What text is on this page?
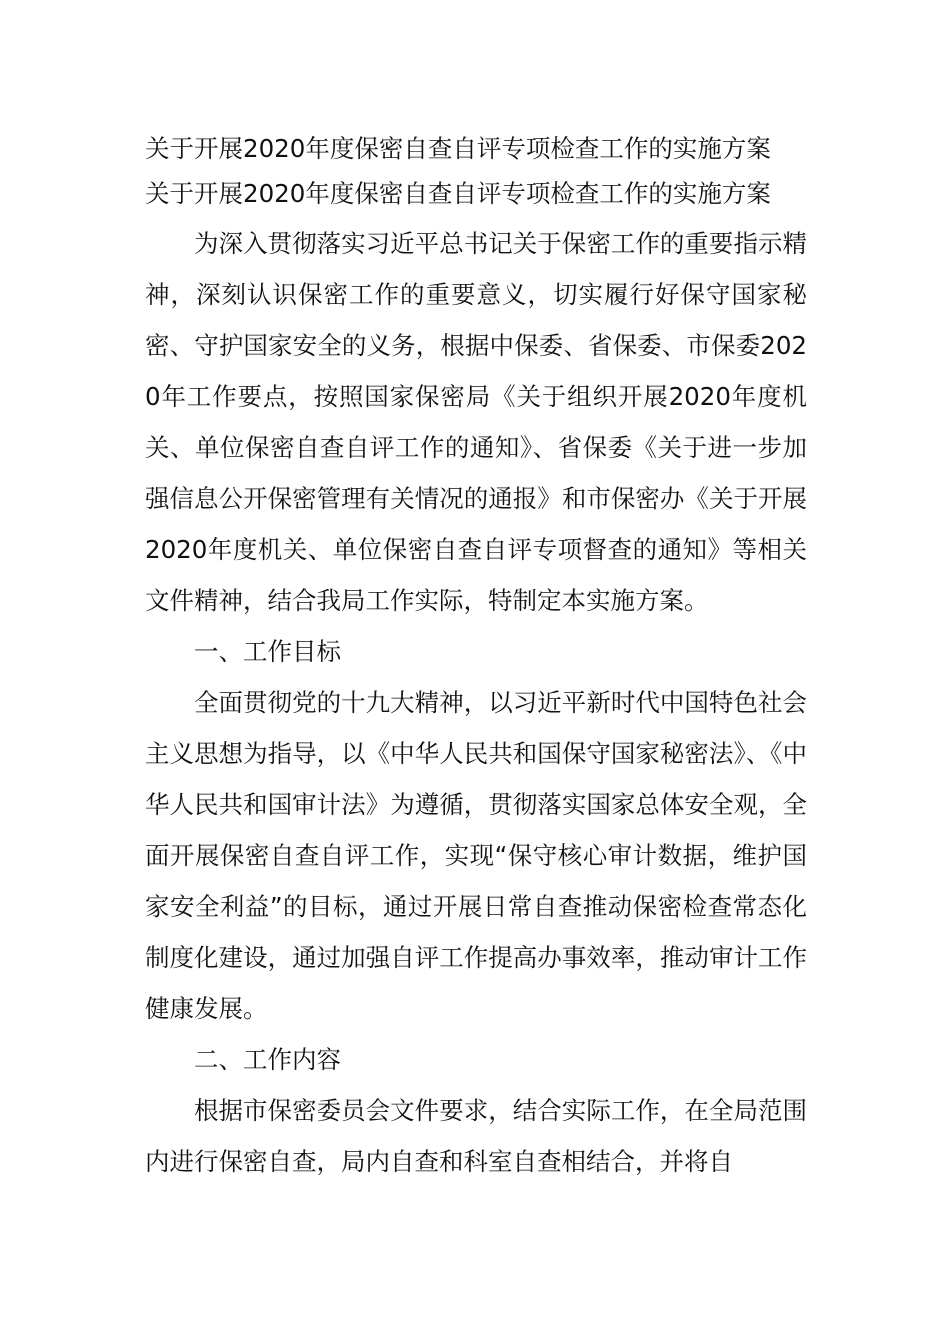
关于开展2020年度保密自查自评专项检查工作的实施方案

关于开展2020年度保密自查自评专项检查工作的实施方案

为深入贯彻落实习近平总书记关于保密工作的重要指示精神，深刻认识保密工作的重要意义，切实履行好保守国家秘密、守护国家安全的义务，根据中保委、省保委、市保委2020年工作要点，按照国家保密局《关于组织开展2020年度机关、单位保密自查自评工作的通知》、省保委《关于进一步加强信息公开保密管理有关情况的通报》和市保密办《关于开展2020年度机关、单位保密自查自评专项督查的通知》等相关文件精神，结合我局工作实际，特制定本实施方案。

一、工作目标

全面贯彻党的十九大精神，以习近平新时代中国特色社会主义思想为指导，以《中华人民共和国保守国家秘密法》、《中华人民共和国审计法》为遵循，贯彻落实国家总体安全观，全面开展保密自查自评工作，实现“保守核心审计数据，维护国家安全利益”的目标，通过开展日常自查推动保密检查常态化制度化建设，通过加强自评工作提高办事效率，推动审计工作健康发展。

二、工作内容

根据市保密委员会文件要求，结合实际工作，在全局范围内进行保密自查，局内自查和科室自查相结合，并将自
